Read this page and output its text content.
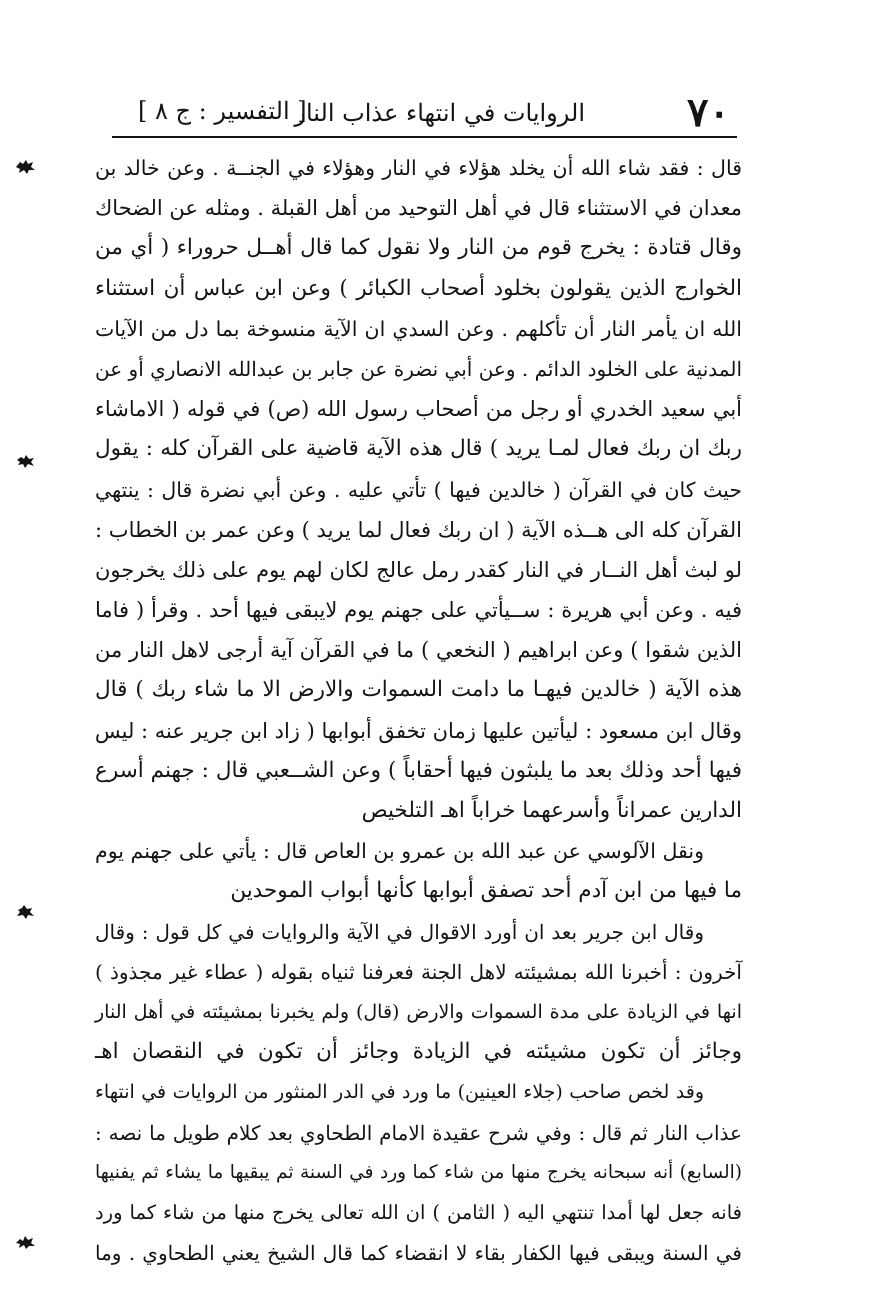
٧٠
الروايات في انتهاء عذاب النار
[ التفسير : ج ٨ ]
قال : فقد شاء الله أن يخلد هؤلاء في النار وهؤلاء في الجنــة . وعن خالد بن
معدان في الاستثناء قال في أهل التوحيد من أهل القبلة . ومثله عن الضحاك
وقال قتادة : يخرج قوم من النار ولا نقول كما قال أهــل حروراء ( أي من
الخوارج الذين يقولون بخلود أصحاب الكبائر ) وعن ابن عباس أن استثناء
الله ان يأمر النار أن تأكلهم . وعن السدي ان الآية منسوخة بما دل من الآيات
المدنية على الخلود الدائم . وعن أبي نضرة عن جابر بن عبدالله الانصاري أو عن
أبي سعيد الخدري أو رجل من أصحاب رسول الله (ص) في قوله ( الاماشاء
ربك ان ربك فعال لمـا يريد ) قال هذه الآية قاضية على القرآن كله : يقول
حيث كان في القرآن ( خالدين فيها ) تأتي عليه . وعن أبي نضرة قال : ينتهي
القرآن كله الى هــذه الآية ( ان ربك فعال لما يريد ) وعن عمر بن الخطاب :
لو لبث أهل النــار في النار كقدر رمل عالج لكان لهم يوم على ذلك يخرجون
فيه . وعن أبي هريرة : ســيأتي على جهنم يوم لايبقى فيها أحد . وقرأ ( فاما
الذين شقوا ) وعن ابراهيم ( النخعي ) ما في القرآن آية أرجى لاهل النار من
هذه الآية ( خالدين فيهـا ما دامت السموات والارض الا ما شاء ربك ) قال
وقال ابن مسعود : ليأتين عليها زمان تخفق أبوابها ( زاد ابن جرير عنه : ليس
فيها أحد وذلك بعد ما يلبثون فيها أحقاباً ) وعن الشــعبي قال : جهنم أسرع
الدارين عمراناً وأسرعهما خراباً اهـ التلخيص
ونقل الآلوسي عن عبد الله بن عمرو بن العاص قال : يأتي على جهنم يوم
ما فيها من ابن آدم أحد تصفق أبوابها كأنها أبواب الموحدين
وقال ابن جرير بعد ان أورد الاقوال في الآية والروايات في كل قول : وقال
آخرون : أخبرنا الله بمشيئته لاهل الجنة فعرفنا ثنياه بقوله ( عطاء غير مجذوذ )
انها في الزيادة على مدة السموات والارض (قال) ولم يخبرنا بمشيئته في أهل النار
وجائز أن تكون مشيئته في الزيادة وجائز أن تكون في النقصان اهـ
وقد لخص صاحب (جلاء العينين) ما ورد في الدر المنثور من الروايات في انتهاء
عذاب النار ثم قال : وفي شرح عقيدة الامام الطحاوي بعد كلام طويل ما نصه :
(السابع) أنه سبحانه يخرج منها من شاء كما ورد في السنة ثم يبقيها ما يشاء ثم يفنيها
فانه جعل لها أمدا تنتهي اليه ( الثامن ) ان الله تعالى يخرج منها من شاء كما ورد
في السنة ويبقى فيها الكفار بقاء لا انقضاء كما قال الشيخ يعني الطحاوي . وما
